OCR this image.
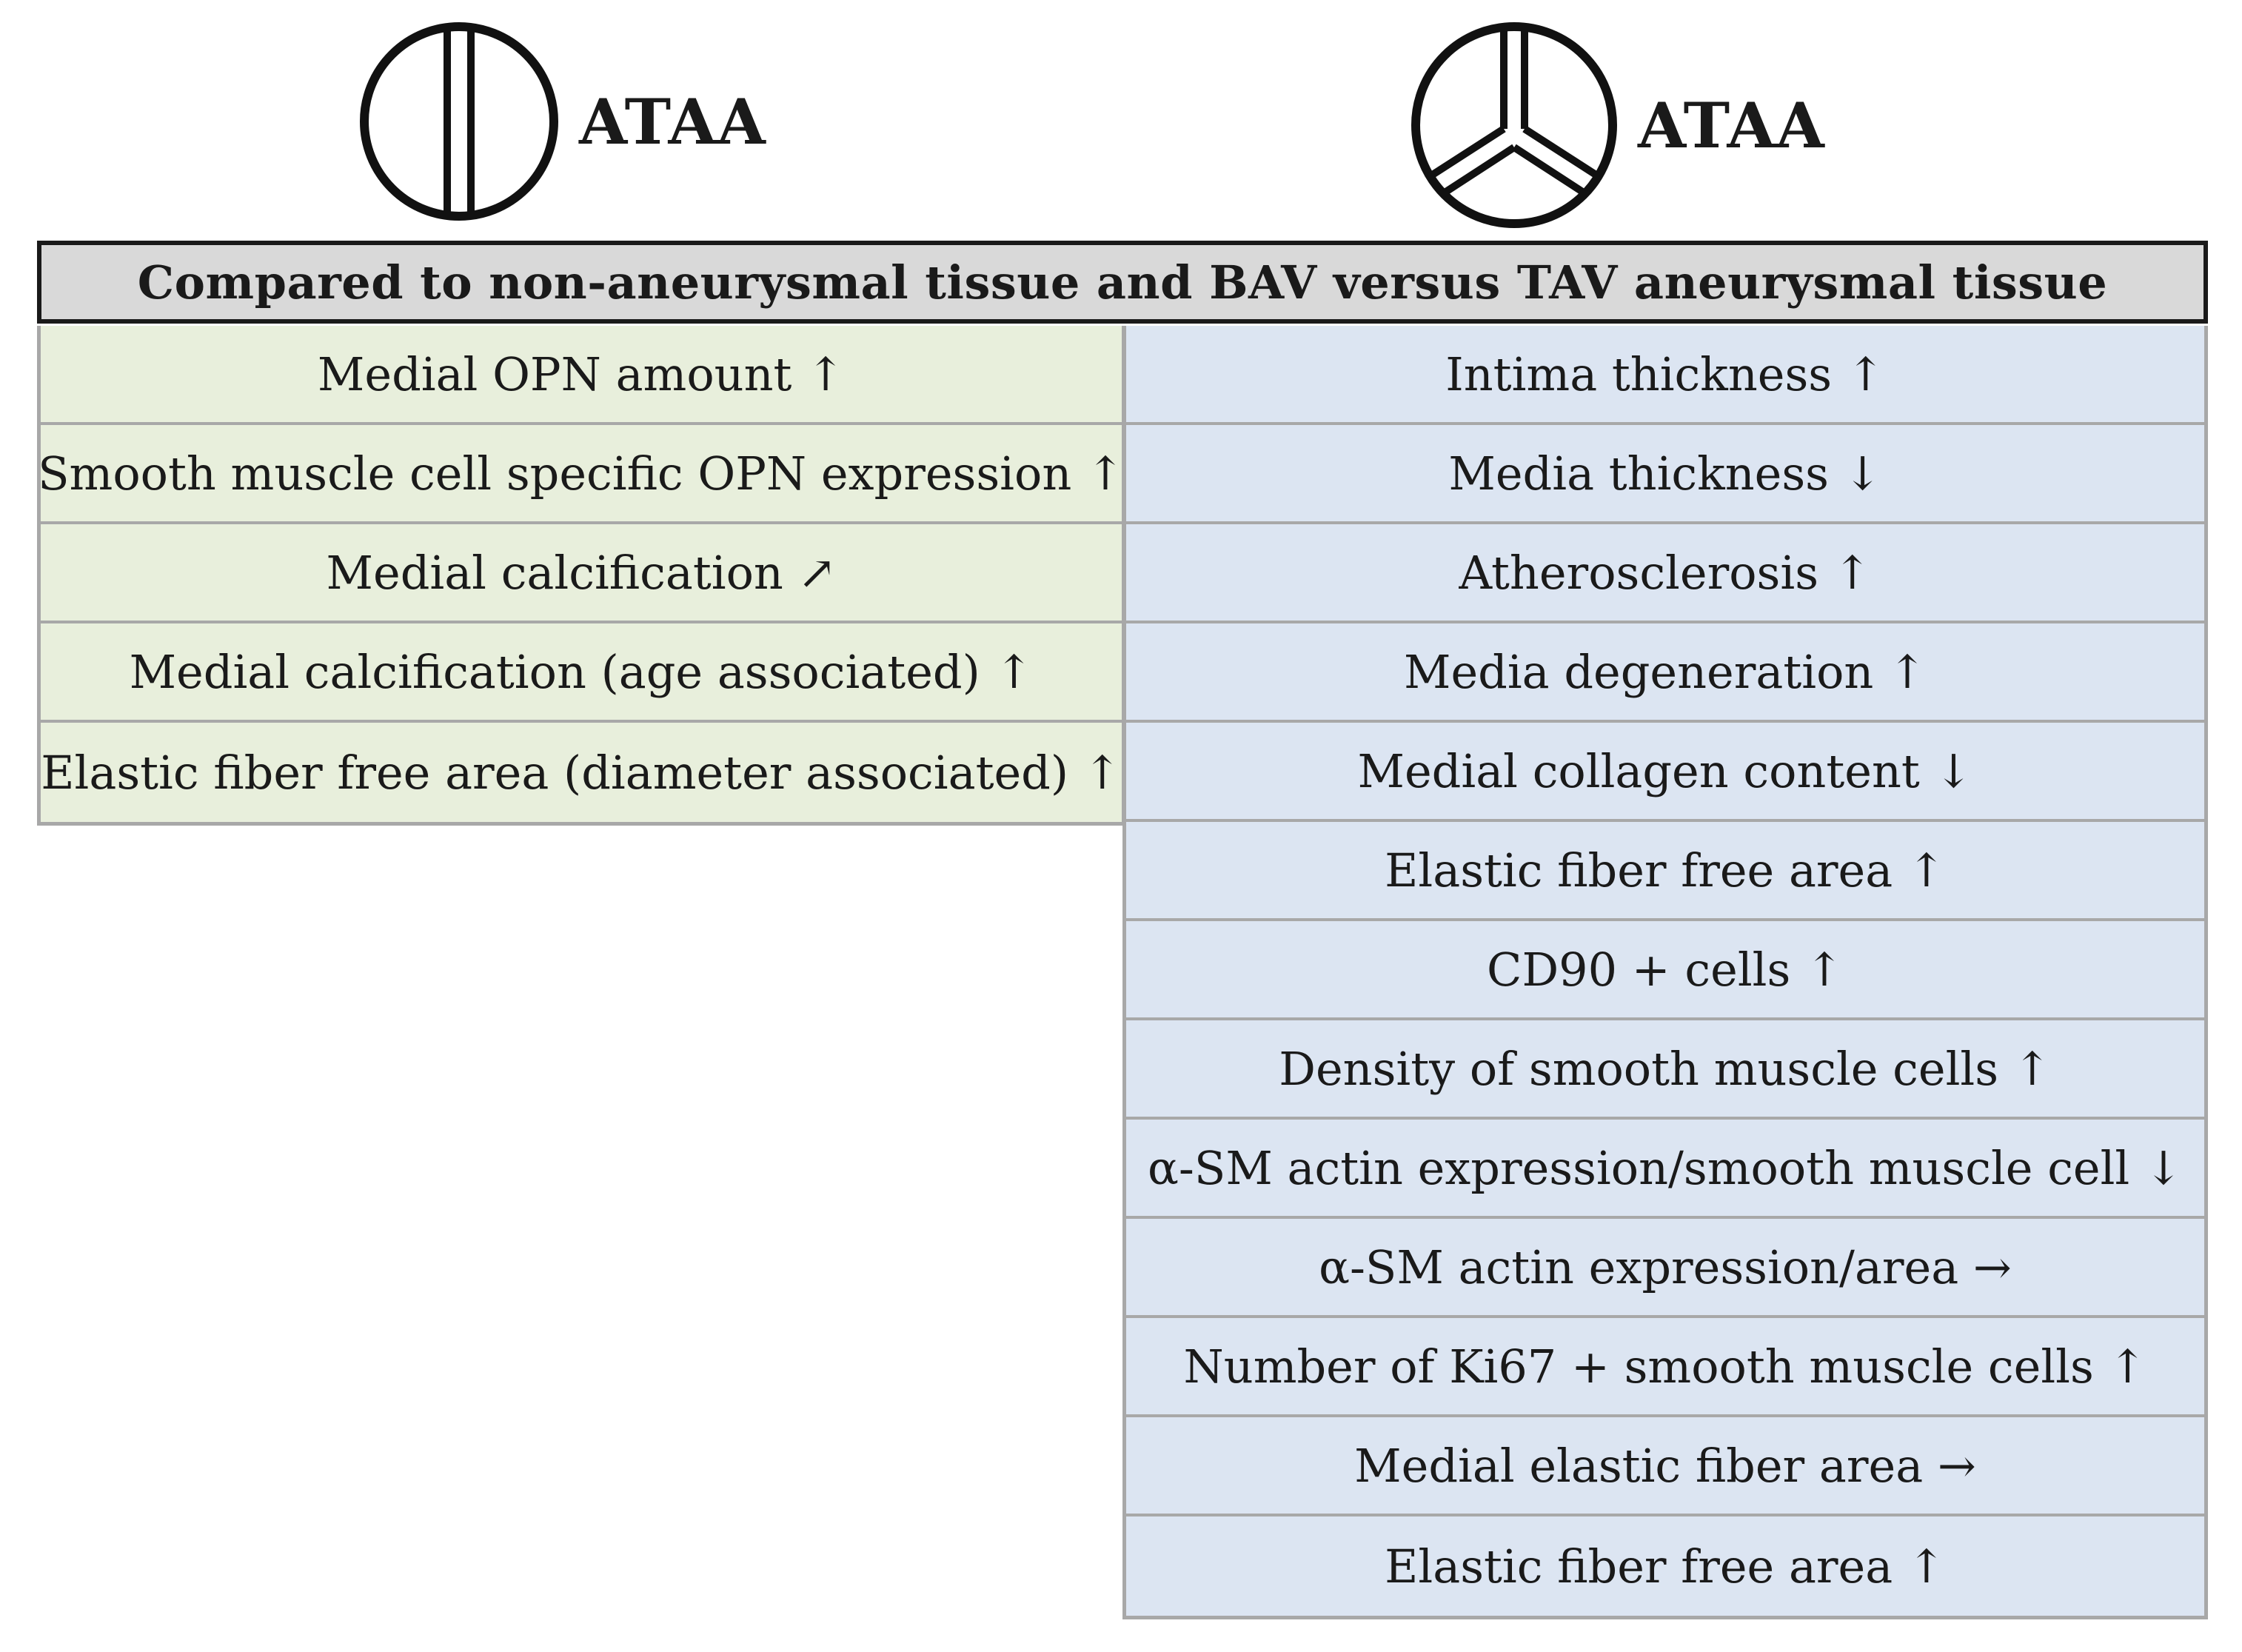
ATAA	ATAA
Compared to non-aneurysmal tissue and BAV versus TAV aneurysmal tissue
Medial OPN amount ↑
Smooth muscle cell specific OPN expression ↑
Medial calcification ↗
Medial calcification (age associated) ↑
Elastic fiber free area (diameter associated) ↑
Intima thickness ↑
Media thickness ↓
Atherosclerosis ↑
Media degeneration ↑
Medial collagen content ↓
Elastic fiber free area ↑
CD90 + cells ↑
Density of smooth muscle cells ↑
α-SM actin expression/smooth muscle cell ↓
α-SM actin expression/area →
Number of Ki67 + smooth muscle cells ↑
Medial elastic fiber area →
Elastic fiber free area ↑
